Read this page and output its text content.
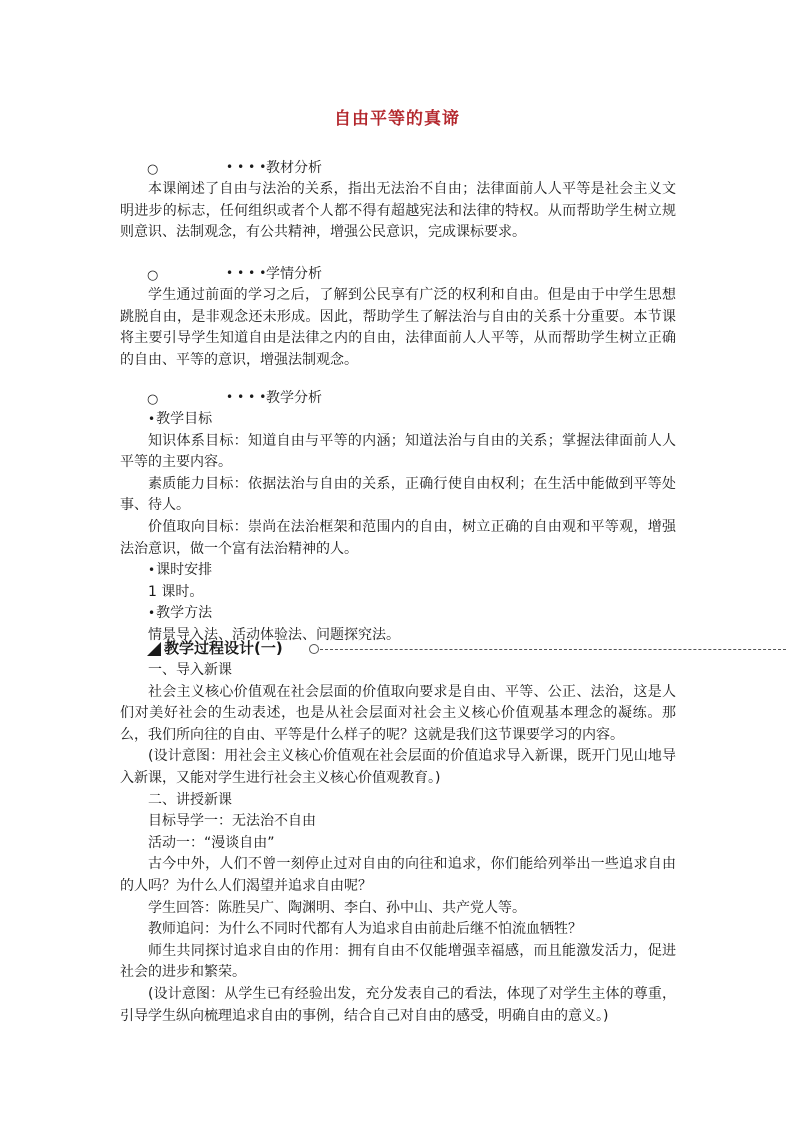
自由平等的真谛
○	••••
教材分析

本课阐述了自由与法治的关系，指出无法治不自由；法律面前人人平等是社会主义文明进步的标志，任何组织或者个人都不得有超越宪法和法律的特权。从而帮助学生树立规则意识、法制观念，有公共精神，增强公民意识，完成课标要求。

○	••••
学情分析

学生通过前面的学习之后，了解到公民享有广泛的权利和自由。但是由于中学生思想跳脱自由，是非观念还未形成。因此，帮助学生了解法治与自由的关系十分重要。本节课将主要引导学生知道自由是法律之内的自由，法律面前人人平等，从而帮助学生树立正确的自由、平等的意识，增强法制观念。

○	••••
教学分析
•教学目标

知识体系目标：知道自由与平等的内涵；知道法治与自由的关系；掌握法律面前人人平等的主要内容。

素质能力目标：依据法治与自由的关系，正确行使自由权利；在生活中能做到平等处事、待人。

价值取向目标：崇尚在法治框架和范围内的自由，树立正确的自由观和平等观，增强法治意识，做一个富有法治精神的人。

•课时安排

1 课时。

•教学方法

情景导入法、活动体验法、问题探究法。

教学过程设计(一)

一、导入新课

社会主义核心价值观在社会层面的价值取向要求是自由、平等、公正、法治，这是人们对美好社会的生动表述，也是从社会层面对社会主义核心价值观基本理念的凝练。那么，我们所向往的自由、平等是什么样子的呢？这就是我们这节课要学习的内容。

(设计意图：用社会主义核心价值观在社会层面的价值追求导入新课，既开门见山地导入新课，又能对学生进行社会主义核心价值观教育。)

二、讲授新课

目标导学一：无法治不自由

活动一：“漫谈自由”

古今中外，人们不曾一刻停止过对自由的向往和追求，你们能给列举出一些追求自由的人吗？为什么人们渴望并追求自由呢？

学生回答：陈胜吴广、陶渊明、李白、孙中山、共产党人等。

教师追问：为什么不同时代都有人为追求自由前赴后继不怕流血牺牲？

师生共同探讨追求自由的作用：拥有自由不仅能增强幸福感，而且能激发活力，促进社会的进步和繁荣。

(设计意图：从学生已有经验出发，充分发表自己的看法，体现了对学生主体的尊重，引导学生纵向梳理追求自由的事例，结合自己对自由的感受，明确自由的意义。)
